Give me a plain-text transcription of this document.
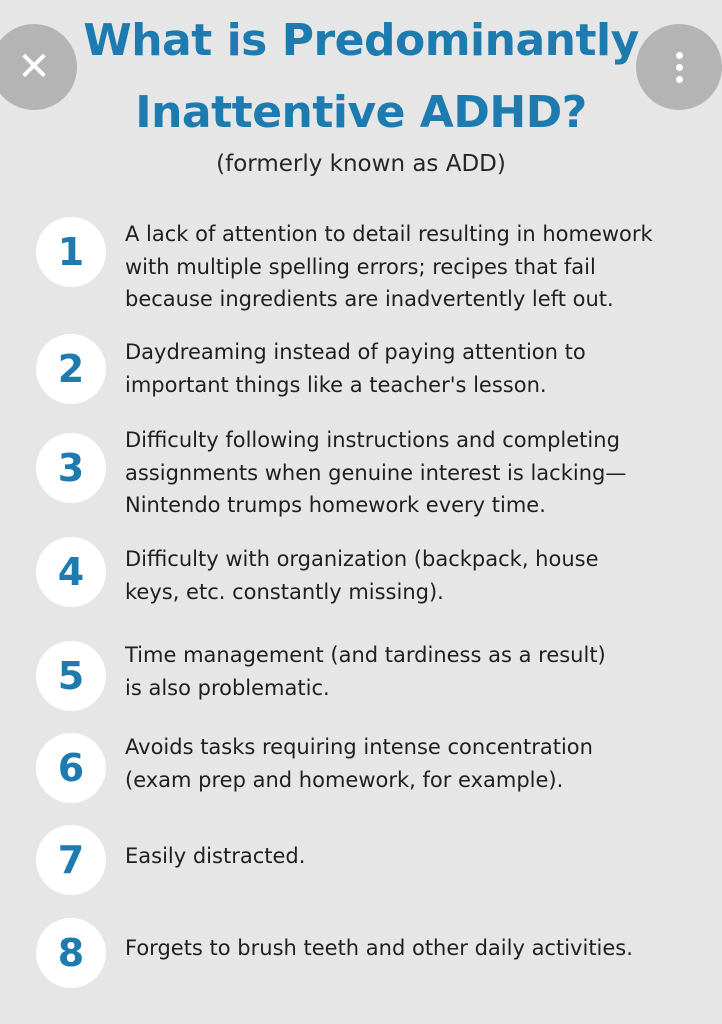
What is Predominantly
Inattentive ADHD?
(formerly known as ADD)
1	A lack of attention to detail resulting in homework
with multiple spelling errors; recipes that fail
because ingredients are inadvertently left out.
2	Daydreaming instead of paying attention to
important things like a teacher's lesson.
3
Difficulty following instructions and completing
assignments when genuine interest is lacking—
Nintendo trumps homework every time.
4	Difficulty with organization (backpack, house
keys, etc. constantly missing).
5	Time management (and tardiness as a result)
is also problematic.
6	Avoids tasks requiring intense concentration
(exam prep and homework, for example).
7	Easily distracted.
8	Forgets to brush teeth and other daily activities.
✕
